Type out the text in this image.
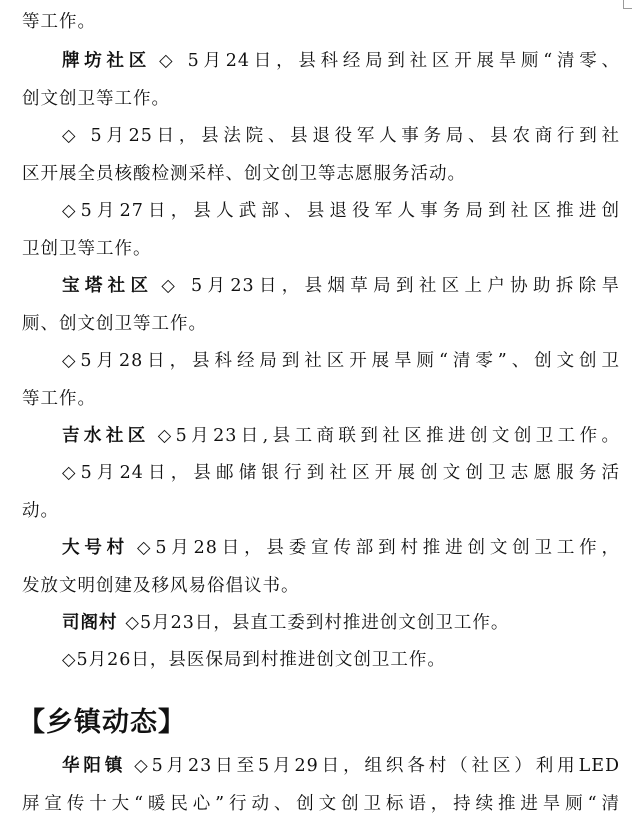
等工作。
牌坊社区 ◇ 5月24日，县科经局到社区开展旱厕“清零、
创文创卫等工作。
◇ 5月25日，县法院、县退役军人事务局、县农商行到社
区开展全员核酸检测采样、创文创卫等志愿服务活动。
◇5月27日，县人武部、县退役军人事务局到社区推进创
卫创卫等工作。
宝塔社区 ◇ 5月23日，县烟草局到社区上户协助拆除旱
厕、创文创卫等工作。
◇5月28日，县科经局到社区开展旱厕“清零”、创文创卫
等工作。
吉水社区 ◇5月23日,县工商联到社区推进创文创卫工作。
◇5月24日，县邮储银行到社区开展创文创卫志愿服务活
动。
大号村 ◇5月28日，县委宣传部到村推进创文创卫工作，
发放文明创建及移风易俗倡议书。
司阁村 ◇5月23日，县直工委到村推进创文创卫工作。
◇5月26日，县医保局到村推进创文创卫工作。
【乡镇动态】
华阳镇 ◇5月23日至5月29日，组织各村（社区）利用LED
屏宣传十大“暖民心”行动、创文创卫标语，持续推进旱厕“清
